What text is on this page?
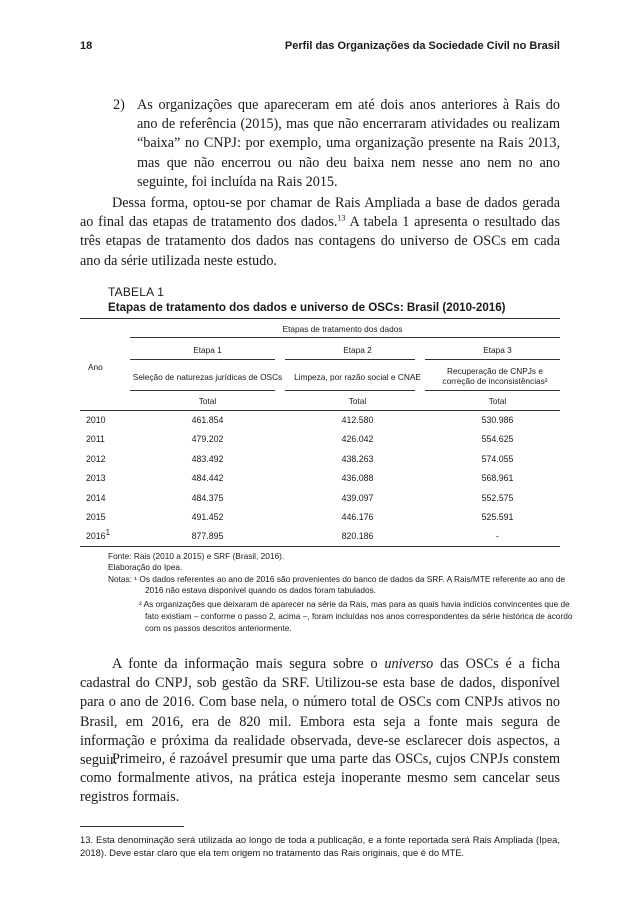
18	Perfil das Organizações da Sociedade Civil no Brasil
2) As organizações que apareceram em até dois anos anteriores à Rais do ano de referência (2015), mas que não encerraram atividades ou realizam “baixa” no CNPJ: por exemplo, uma organização presente na Rais 2013, mas que não encerrou ou não deu baixa nem nesse ano nem no ano seguinte, foi incluída na Rais 2015.
Dessa forma, optou-se por chamar de Rais Ampliada a base de dados gerada ao final das etapas de tratamento dos dados.$^{13}$ A tabela 1 apresenta o resultado das três etapas de tratamento dos dados nas contagens do universo de OSCs em cada ano da série utilizada neste estudo.
TABELA 1
Etapas de tratamento dos dados e universo de OSCs: Brasil (2010-2016)
Etapas de tratamento dos dados
Ano
Etapa 1	Etapa 2	Etapa 3
Seleção de naturezas jurídicas de OSCs	Limpeza, por razão social e CNAE
Recuperação de CNPJs e correção de inconsistências²
Total	Total	Total
2010	461.854	412.580	530.986
2011	479.202	426.042	554.625
2012	483.492	438.263	574.055
2013	484.442	436.088	568.961
2014	484.375	439.097	552.575
2015	491.452	446.176	525.591
2016$^1$	877.895	820.186	-
Fonte: Rais (2010 a 2015) e SRF (Brasil, 2016).
Elaboração do Ipea.
Notas: ¹ Os dados referentes ao ano de 2016 são provenientes do banco de dados da SRF. A Rais/MTE referente ao ano de
2016 não estava disponível quando os dados foram tabulados.
² As organizações que deixaram de aparecer na série da Rais, mas para as quais havia indícios convincentes que de
fato existiam – conforme o passo 2, acima –, foram incluídas nos anos correspondentes da série histórica de acordo
com os passos descritos anteriormente.
A fonte da informação mais segura sobre o universo das OSCs é a ficha cadastral do CNPJ, sob gestão da SRF. Utilizou-se esta base de dados, disponível para o ano de 2016. Com base nela, o número total de OSCs com CNPJs ativos no Brasil, em 2016, era de 820 mil. Embora esta seja a fonte mais segura de informação e próxima da realidade observada, deve-se esclarecer dois aspectos, a seguir.
Primeiro, é razoável presumir que uma parte das OSCs, cujos CNPJs constem como formalmente ativos, na prática esteja inoperante mesmo sem cancelar seus registros formais.
13. Esta denominação será utilizada ao longo de toda a publicação, e a fonte reportada será Rais Ampliada (Ipea, 2018). Deve estar claro que ela tem origem no tratamento das Rais originais, que é do MTE.
